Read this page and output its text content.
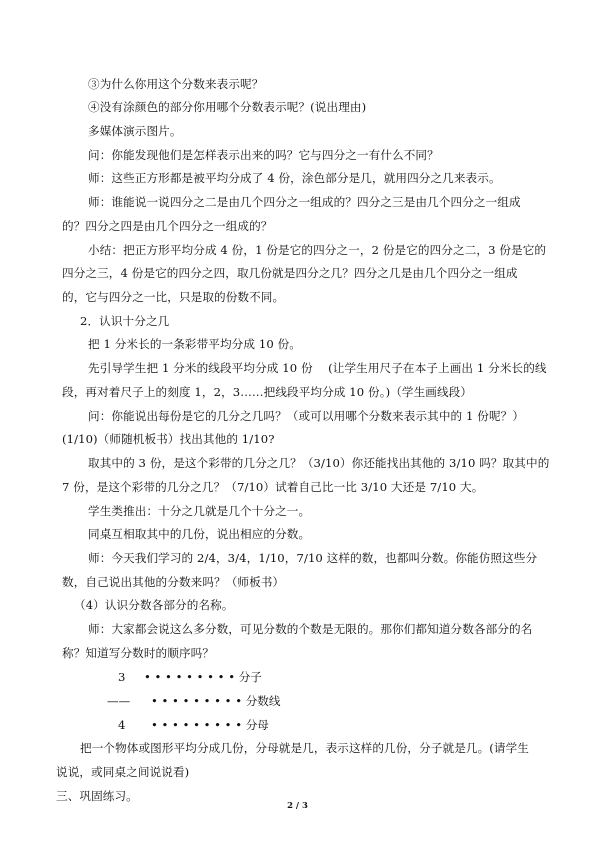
③为什么你用这个分数来表示呢？
④没有涂颜色的部分你用哪个分数表示呢？(说出理由)
多媒体演示图片。
问：你能发现他们是怎样表示出来的吗？它与四分之一有什么不同？
师：这些正方形都是被平均分成了 4 份，涂色部分是几，就用四分之几来表示。
师：谁能说一说四分之二是由几个四分之一组成的？四分之三是由几个四分之一组成
的？四分之四是由几个四分之一组成的？
小结：把正方形平均分成 4 份，1 份是它的四分之一，2 份是它的四分之二，3 份是它的
四分之三，4 份是它的四分之四，取几份就是四分之几？四分之几是由几个四分之一组成
的，它与四分之一比，只是取的份数不同。
2．认识十分之几
把 1 分米长的一条彩带平均分成 10 份。
先引导学生把 1 分米的线段平均分成 10 份　 (让学生用尺子在本子上画出 1 分米长的线
段，再对着尺子上的刻度 1，2，3……把线段平均分成 10 份。)（学生画线段）
问：你能说出每份是它的几分之几吗？（或可以用哪个分数来表示其中的 1 份呢？）
(1/10)（师随机板书）找出其他的 1/10?
取其中的 3 份，是这个彩带的几分之几？（3/10）你还能找出其他的 3/10 吗？取其中的
7 份，是这个彩带的几分之几？（7/10）试着自己比一比 3/10 大还是 7/10 大。
学生类推出：十分之几就是几个十分之一。
同桌互相取其中的几份，说出相应的分数。
师：今天我们学习的 2/4，3/4，1/10，7/10 这样的数，也都叫分数。你能仿照这些分
数，自己说出其他的分数来吗？（师板书）
（4）认识分数各部分的名称。
师：大家都会说这么多分数，可见分数的个数是无限的。那你们都知道分数各部分的名
称？知道写分数时的顺序吗？
3 • • • • • • • • • 分子
—— • • • • • • • • • 分数线
4 • • • • • • • • • 分母
把一个物体或图形平均分成几份，分母就是几，表示这样的几份，分子就是几。(请学生
说说，或同桌之间说说看)
三、巩固练习。
2 / 3
